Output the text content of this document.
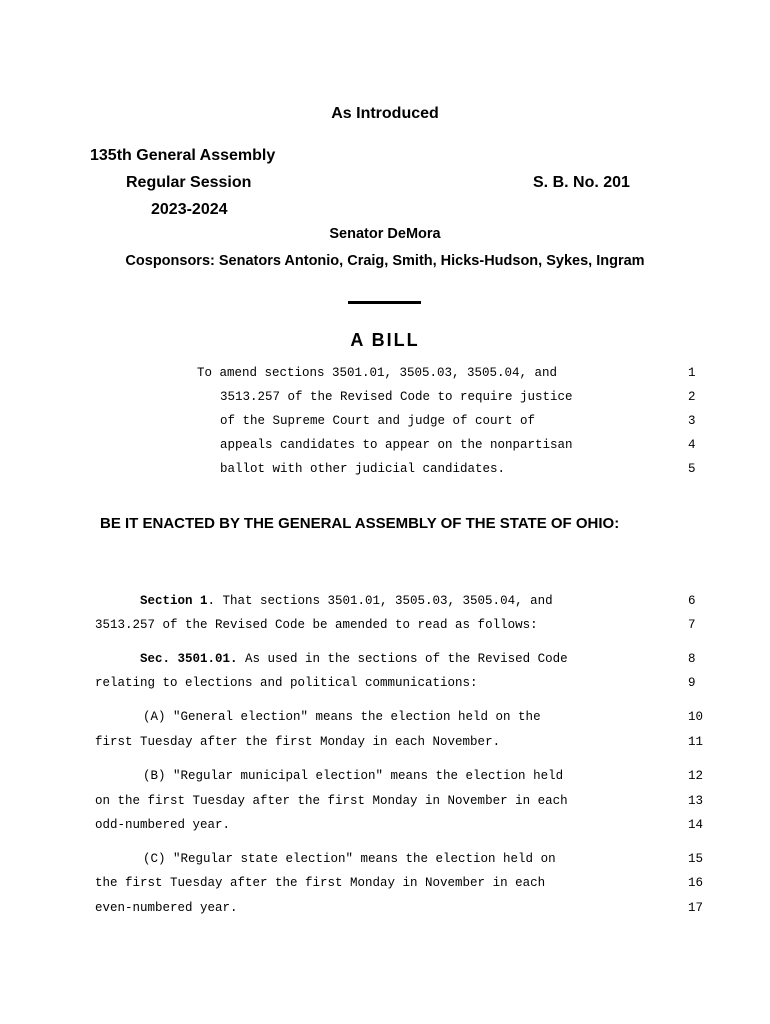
As Introduced
135th General Assembly
Regular Session	S. B. No. 201
2023-2024
Senator DeMora
Cosponsors: Senators Antonio, Craig, Smith, Hicks-Hudson, Sykes, Ingram
A BILL

To amend sections 3501.01, 3505.03, 3505.04, and

	1

3513.257 of the Revised Code to require justice

	2

of the Supreme Court and judge of court of

	3

appeals candidates to appear on the nonpartisan

	4

ballot with other judicial candidates.

	5

BE IT ENACTED BY THE GENERAL ASSEMBLY OF THE STATE OF OHIO:

Section 1. That sections 3501.01, 3505.03, 3505.04, and

	6

3513.257 of the Revised Code be amended to read as follows:

	7

Sec. 3501.01. As used in the sections of the Revised Code

	8

relating to elections and political communications:

	9

(A) "General election" means the election held on the

	10

first Tuesday after the first Monday in each November.

	11

(B) "Regular municipal election" means the election held

	12

on the first Tuesday after the first Monday in November in each

	13

odd-numbered year.

	14

(C) "Regular state election" means the election held on

	15

the first Tuesday after the first Monday in November in each

	16

even-numbered year.

	17
